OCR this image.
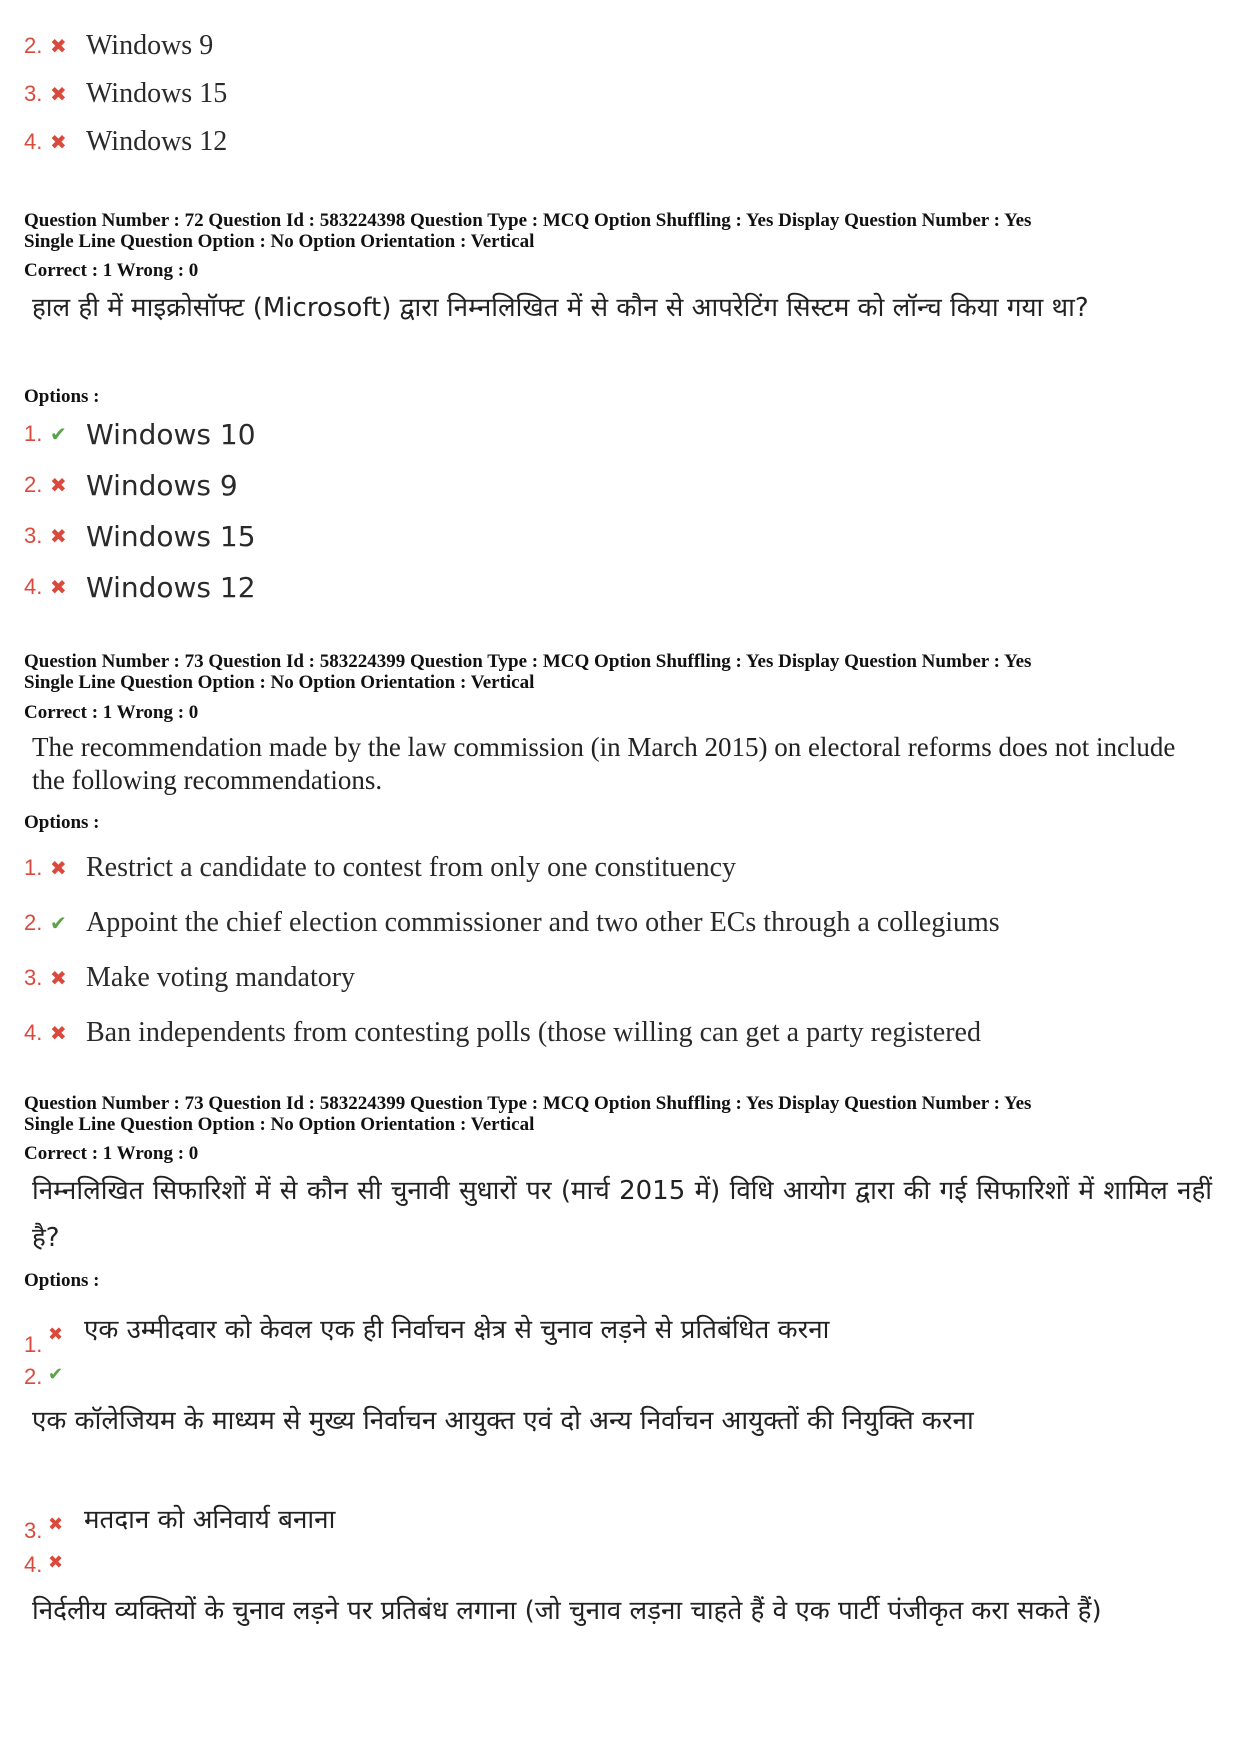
2. ✖ Windows 9
3. ✖ Windows 15
4. ✖ Windows 12
Question Number : 72 Question Id : 583224398 Question Type : MCQ Option Shuffling : Yes Display Question Number : Yes
Single Line Question Option : No Option Orientation : Vertical
Correct : 1 Wrong : 0
हाल ही में माइक्रोसॉफ्ट (Microsoft) द्वारा निम्नलिखित में से कौन से आपरेटिंग सिस्टम को लॉन्च किया गया था?
Options :
1. ✔ Windows 10
2. ✖ Windows 9
3. ✖ Windows 15
4. ✖ Windows 12
Question Number : 73 Question Id : 583224399 Question Type : MCQ Option Shuffling : Yes Display Question Number : Yes
Single Line Question Option : No Option Orientation : Vertical
Correct : 1 Wrong : 0
The recommendation made by the law commission (in March 2015) on electoral reforms does not include the following recommendations.
Options :
1. ✖ Restrict a candidate to contest from only one constituency
2. ✔ Appoint the chief election commissioner and two other ECs through a collegiums
3. ✖ Make voting mandatory
4. ✖ Ban independents from contesting polls (those willing can get a party registered
Question Number : 73 Question Id : 583224399 Question Type : MCQ Option Shuffling : Yes Display Question Number : Yes
Single Line Question Option : No Option Orientation : Vertical
Correct : 1 Wrong : 0
निम्नलिखित सिफारिशों में से कौन सी चुनावी सुधारों पर (मार्च 2015 में) विधि आयोग द्वारा की गई सिफारिशों में शामिल नहीं है?
Options :
1. ✖ एक उम्मीदवार को केवल एक ही निर्वाचन क्षेत्र से चुनाव लड़ने से प्रतिबंधित करना
2. ✔
एक कॉलेजियम के माध्यम से मुख्य निर्वाचन आयुक्त एवं दो अन्य निर्वाचन आयुक्तों की नियुक्ति करना
3. ✖ मतदान को अनिवार्य बनाना
4. ✖
निर्दलीय व्यक्तियों के चुनाव लड़ने पर प्रतिबंध लगाना (जो चुनाव लड़ना चाहते हैं वे एक पार्टी पंजीकृत करा सकते हैं)
